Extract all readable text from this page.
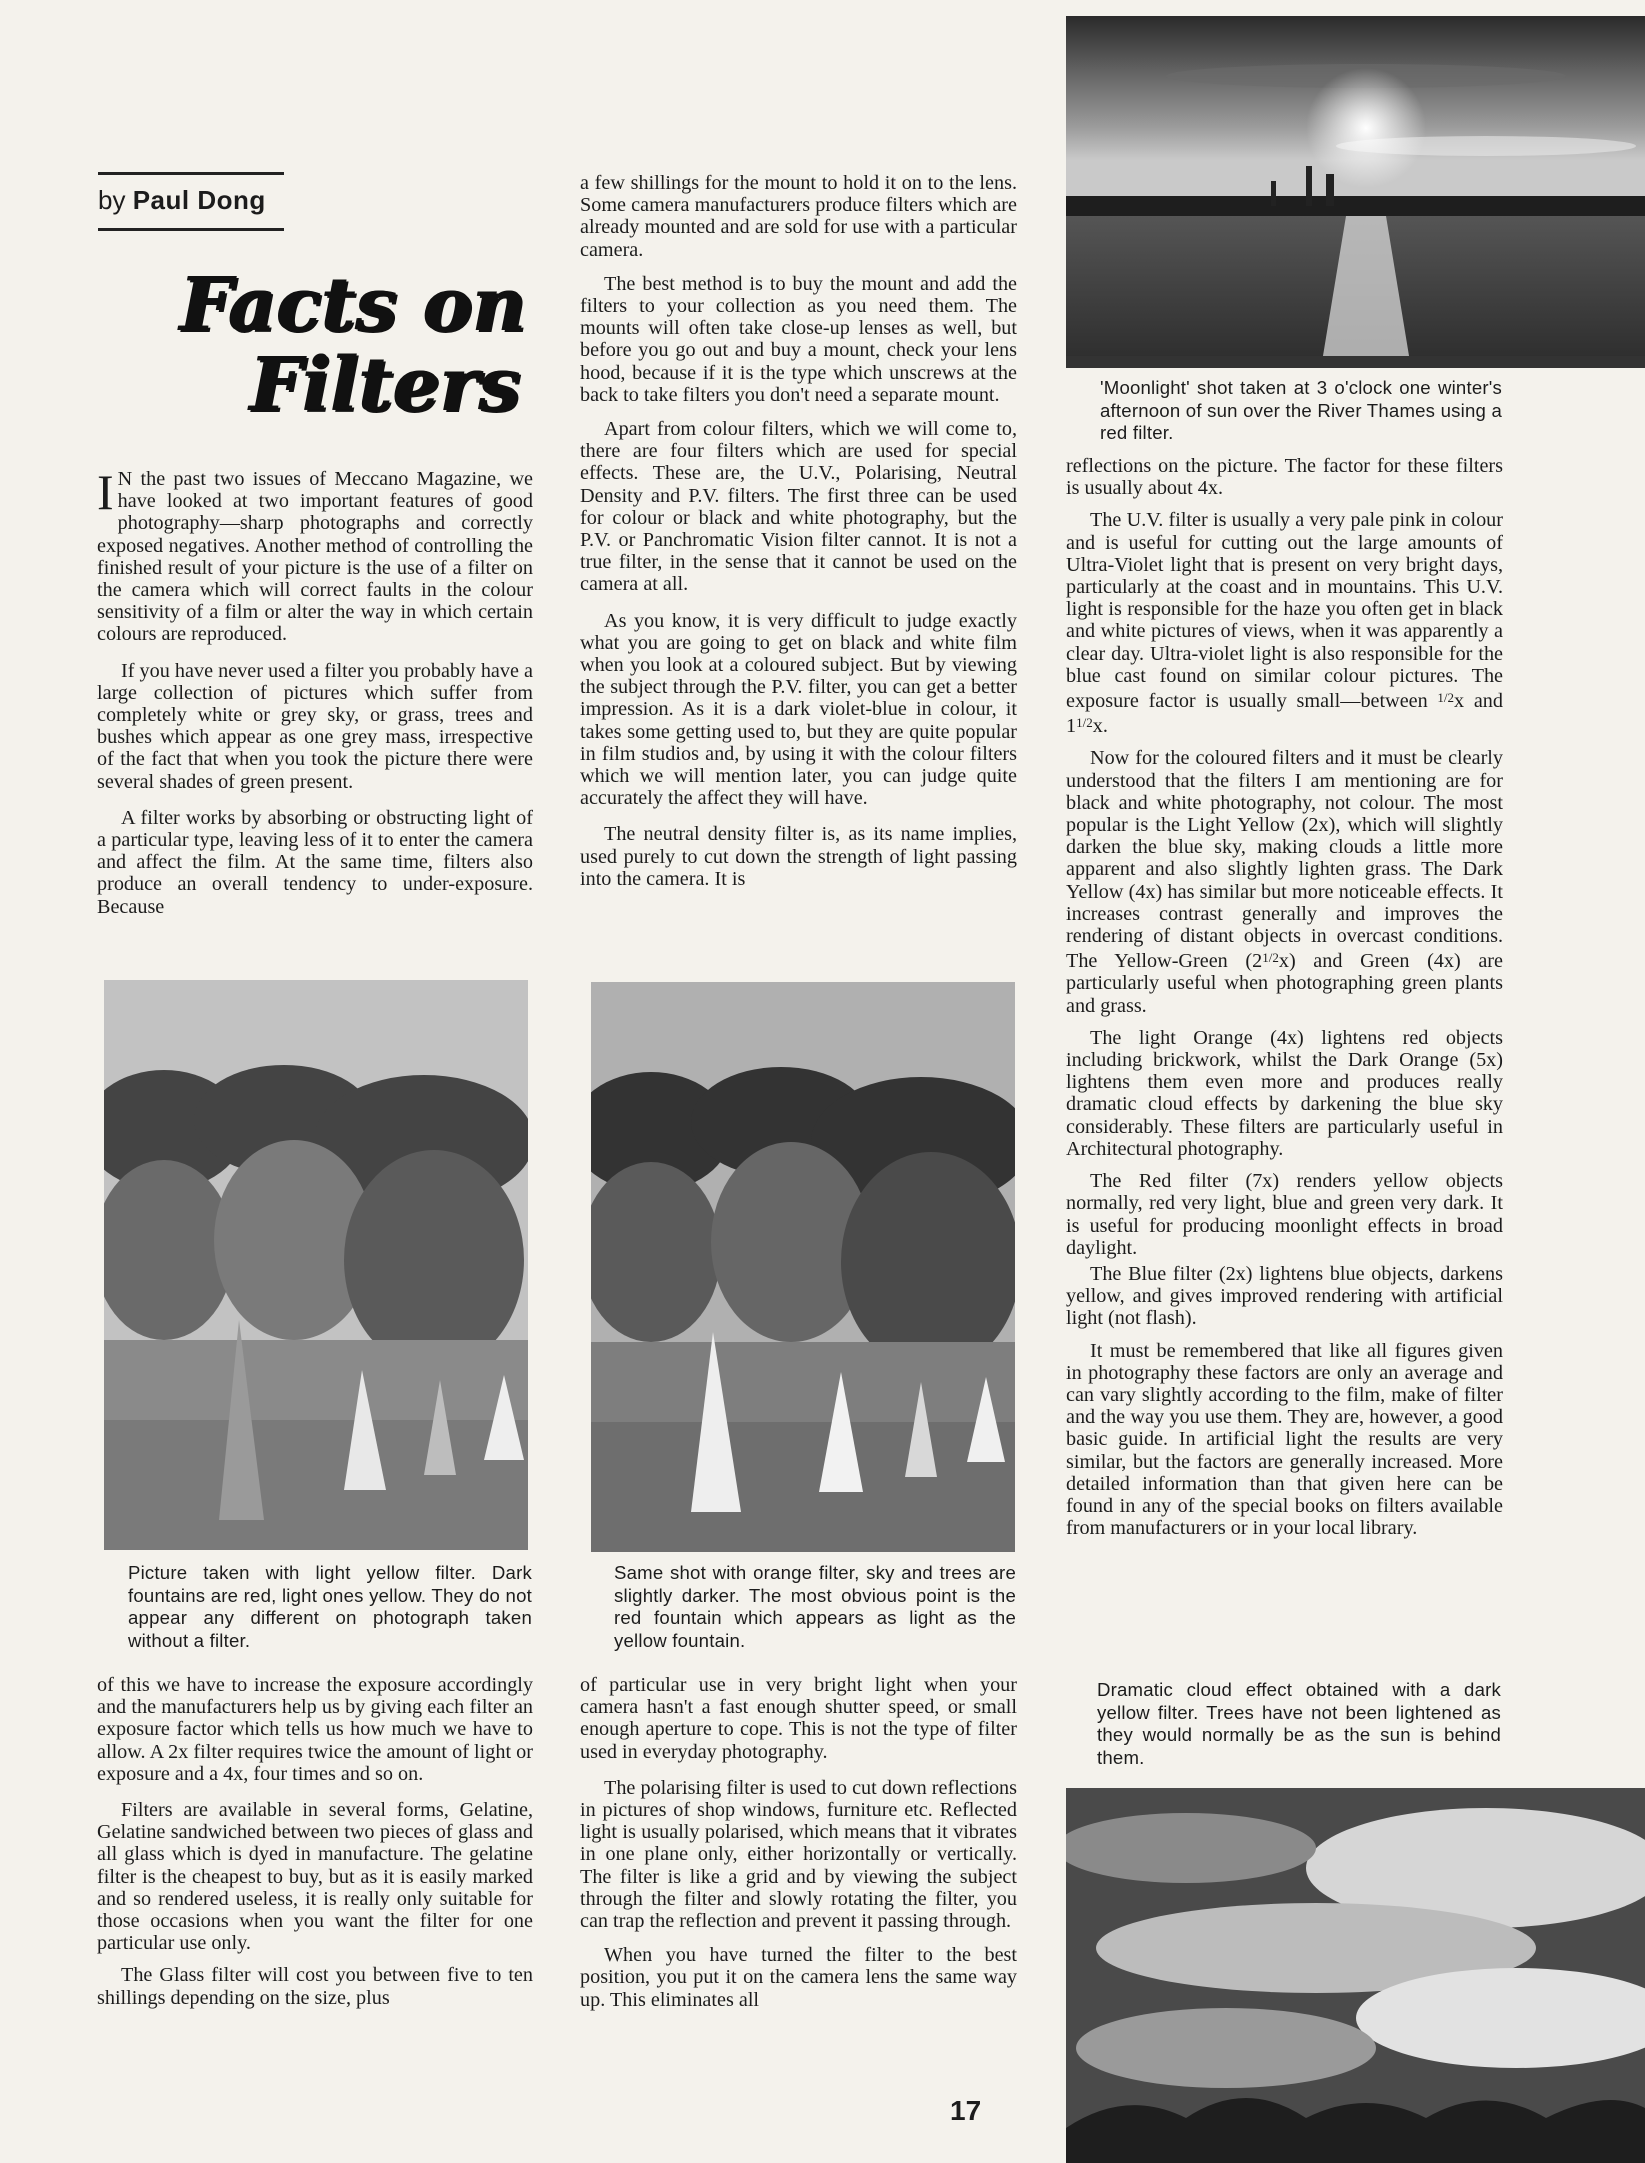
by Paul Dong
Facts on
Filters

I N the past two issues of Meccano Magazine, we have looked at two important features of good photography—sharp photographs and correctly exposed negatives. Another method of controlling the finished result of your picture is the use of a filter on the camera which will correct faults in the colour sensitivity of a film or alter the way in which certain colours are reproduced.

If you have never used a filter you probably have a large collection of pictures which suffer from completely white or grey sky, or grass, trees and bushes which appear as one grey mass, irrespective of the fact that when you took the picture there were several shades of green present.

A filter works by absorbing or obstructing light of a particular type, leaving less of it to enter the camera and affect the film. At the same time, filters also produce an overall tendency to under-exposure. Because

a few shillings for the mount to hold it on to the lens. Some camera manufacturers produce filters which are already mounted and are sold for use with a particular camera.

The best method is to buy the mount and add the filters to your collection as you need them. The mounts will often take close-up lenses as well, but before you go out and buy a mount, check your lens hood, because if it is the type which unscrews at the back to take filters you don't need a separate mount.

Apart from colour filters, which we will come to, there are four filters which are used for special effects. These are, the U.V., Polarising, Neutral Density and P.V. filters. The first three can be used for colour or black and white photography, but the P.V. or Panchromatic Vision filter cannot. It is not a true filter, in the sense that it cannot be used on the camera at all.

As you know, it is very difficult to judge exactly what you are going to get on black and white film when you look at a coloured subject. But by viewing the subject through the P.V. filter, you can get a better impression. As it is a dark violet-blue in colour, it takes some getting used to, but they are quite popular in film studios and, by using it with the colour filters which we will mention later, you can judge quite accurately the affect they will have.

The neutral density filter is, as its name implies, used purely to cut down the strength of light passing into the camera. It is

'Moonlight' shot taken at 3 o'clock one winter's afternoon of sun over the River Thames using a red filter.

reflections on the picture. The factor for these filters is usually about 4x.

The U.V. filter is usually a very pale pink in colour and is useful for cutting out the large amounts of Ultra-Violet light that is present on very bright days, particularly at the coast and in mountains. This U.V. light is responsible for the haze you often get in black and white pictures of views, when it was apparently a clear day. Ultra-violet light is also responsible for the blue cast found on similar colour pictures. The exposure factor is usually small—between $^{1/2}$x and $1^{1/2}x$.

Now for the coloured filters and it must be clearly understood that the filters I am mentioning are for black and white photography, not colour. The most popular is the Light Yellow (2x), which will slightly darken the blue sky, making clouds a little more apparent and also slightly lighten grass. The Dark Yellow (4x) has similar but more noticeable effects. It increases contrast generally and improves the rendering of distant objects in overcast conditions. The Yellow-Green $(2^{1/2}x)$ and Green (4x) are particularly useful when photographing green plants and grass.

The light Orange (4x) lightens red objects including brickwork, whilst the Dark Orange (5x) lightens them even more and produces really dramatic cloud effects by darkening the blue sky considerably. These filters are particularly useful in Architectural photography.

The Red filter (7x) renders yellow objects normally, red very light, blue and green very dark. It is useful for producing moonlight effects in broad daylight.

The Blue filter (2x) lightens blue objects, darkens yellow, and gives improved rendering with artificial light (not flash).

It must be remembered that like all figures given in photography these factors are only an average and can vary slightly according to the film, make of filter and the way you use them. They are, however, a good basic guide. In artificial light the results are very similar, but the factors are generally increased. More detailed information than that given here can be found in any of the special books on filters available from manufacturers or in your local library.

Dramatic cloud effect obtained with a dark yellow filter. Trees have not been lightened as they would normally be as the sun is behind them.
Picture taken with light yellow filter. Dark fountains are red, light ones yellow. They do not appear any different on photograph taken without a filter.
Same shot with orange filter, sky and trees are slightly darker. The most obvious point is the red fountain which appears as light as the yellow fountain.

of this we have to increase the exposure accordingly and the manufacturers help us by giving each filter an exposure factor which tells us how much we have to allow. A 2x filter requires twice the amount of light or exposure and a 4x, four times and so on.

Filters are available in several forms, Gelatine, Gelatine sandwiched between two pieces of glass and all glass which is dyed in manufacture. The gelatine filter is the cheapest to buy, but as it is easily marked and so rendered useless, it is really only suitable for those occasions when you want the filter for one particular use only.

The Glass filter will cost you between five to ten shillings depending on the size, plus

of particular use in very bright light when your camera hasn't a fast enough shutter speed, or small enough aperture to cope. This is not the type of filter used in everyday photography.

The polarising filter is used to cut down reflections in pictures of shop windows, furniture etc. Reflected light is usually polarised, which means that it vibrates in one plane only, either horizontally or vertically. The filter is like a grid and by viewing the subject through the filter and slowly rotating the filter, you can trap the reflection and prevent it passing through.

When you have turned the filter to the best position, you put it on the camera lens the same way up. This eliminates all

17
